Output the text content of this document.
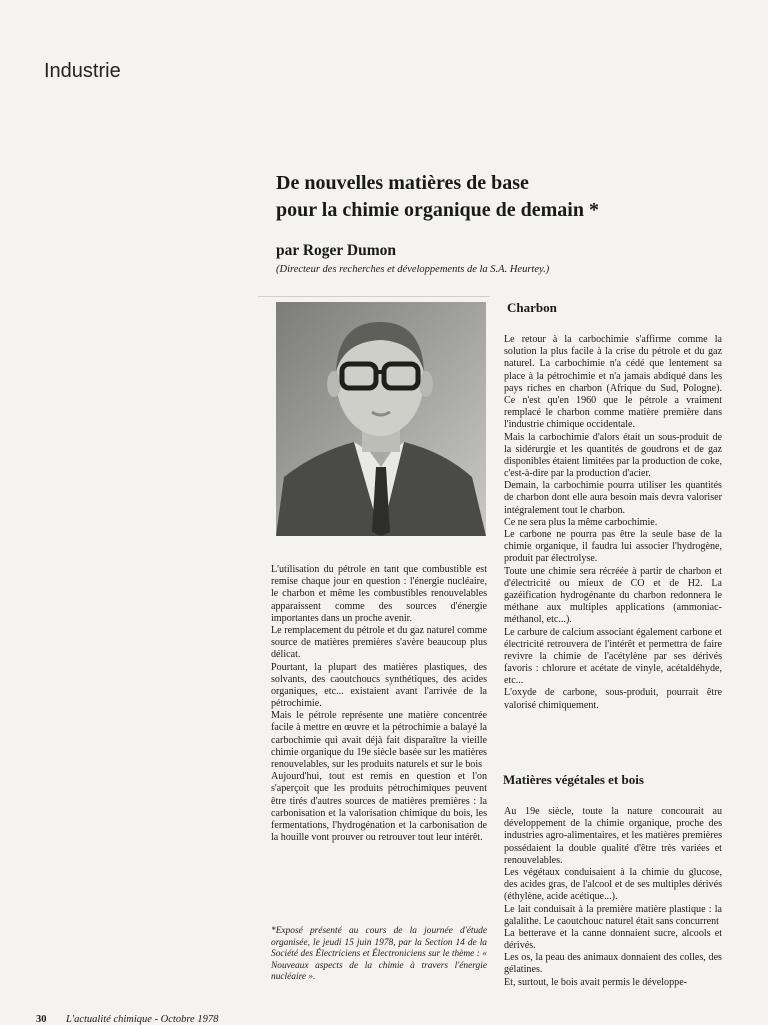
Industrie
De nouvelles matières de base
pour la chimie organique de demain *
par Roger Dumon
(Directeur des recherches et développements de la S.A. Heurtey.)

L'utilisation du pétrole en tant que combustible est remise chaque jour en question : l'énergie nucléaire, le charbon et même les combustibles renouvelables apparaissent comme des sources d'énergie importantes dans un proche avenir.

Le remplacement du pétrole et du gaz naturel comme source de matières premières s'avère beaucoup plus délicat.

Pourtant, la plupart des matières plastiques, des solvants, des caoutchoucs synthétiques, des acides organiques, etc... existaient avant l'arrivée de la pétrochimie.

Mais le pétrole représente une matière concentrée facile à mettre en œuvre et la pétrochimie a balayé la carbochimie qui avait déjà fait disparaître la vieille chimie organique du 19e siècle basée sur les matières renouvelables, sur les produits naturels et sur le bois

Aujourd'hui, tout est remis en question et l'on s'aperçoit que les produits pétrochimiques peuvent être tirés d'autres sources de matières premières : la carbonisation et la valorisation chimique du bois, les fermentations, l'hydrogénation et la carbonisation de la houille vont prouver ou retrouver tout leur intérêt.

*Exposé présenté au cours de la journée d'étude organisée, le jeudi 15 juin 1978, par la Section 14 de la Société des Électriciens et Électroniciens sur le thème : « Nouveaux aspects de la chimie à travers l'énergie nucléaire ».

Charbon

Le retour à la carbochimie s'affirme comme la solution la plus facile à la crise du pétrole et du gaz naturel. La carbochimie n'a cédé que lentement sa place à la pétrochimie et n'a jamais abdiqué dans les pays riches en charbon (Afrique du Sud, Pologne). Ce n'est qu'en 1960 que le pétrole a vraiment remplacé le charbon comme matière première dans l'industrie chimique occidentale.

Mais la carbochimie d'alors était un sous-produit de la sidérurgie et les quantités de goudrons et de gaz disponibles étaient limitées par la production de coke, c'est-à-dire par la production d'acier.

Demain, la carbochimie pourra utiliser les quantités de charbon dont elle aura besoin mais devra valoriser intégralement tout le charbon.

Ce ne sera plus la même carbochimie.

Le carbone ne pourra pas être la seule base de la chimie organique, il faudra lui associer l'hydrogène, produit par électrolyse.

Toute une chimie sera récréée à partir de charbon et d'électricité ou mieux de CO et de H2. La gazéification hydrogénante du charbon redonnera le méthane aux multiples applications (ammoniac-méthanol, etc...).

Le carbure de calcium associant également carbone et électricité retrouvera de l'intérêt et permettra de faire revivre la chimie de l'acétylène par ses dérivés favoris : chlorure et acétate de vinyle, acétaldéhyde, etc...

L'oxyde de carbone, sous-produit, pourrait être valorisé chimiquement.

Matières végétales et bois

Au 19e siècle, toute la nature concourait au développement de la chimie organique, proche des industries agro-alimentaires, et les matières premières possédaient la double qualité d'être très variées et renouvelables.

Les végétaux conduisaient à la chimie du glucose, des acides gras, de l'alcool et de ses multiples dérivés (éthylène, acide acétique...).

Le lait conduisait à la première matière plastique : la galalithe. Le caoutchouc naturel était sans concurrent

La betterave et la canne donnaient sucre, alcools et dérivés.

Les os, la peau des animaux donnaient des colles, des gélatines.

Et, surtout, le bois avait permis le développe-

30 L'actualité chimique - Octobre 1978
